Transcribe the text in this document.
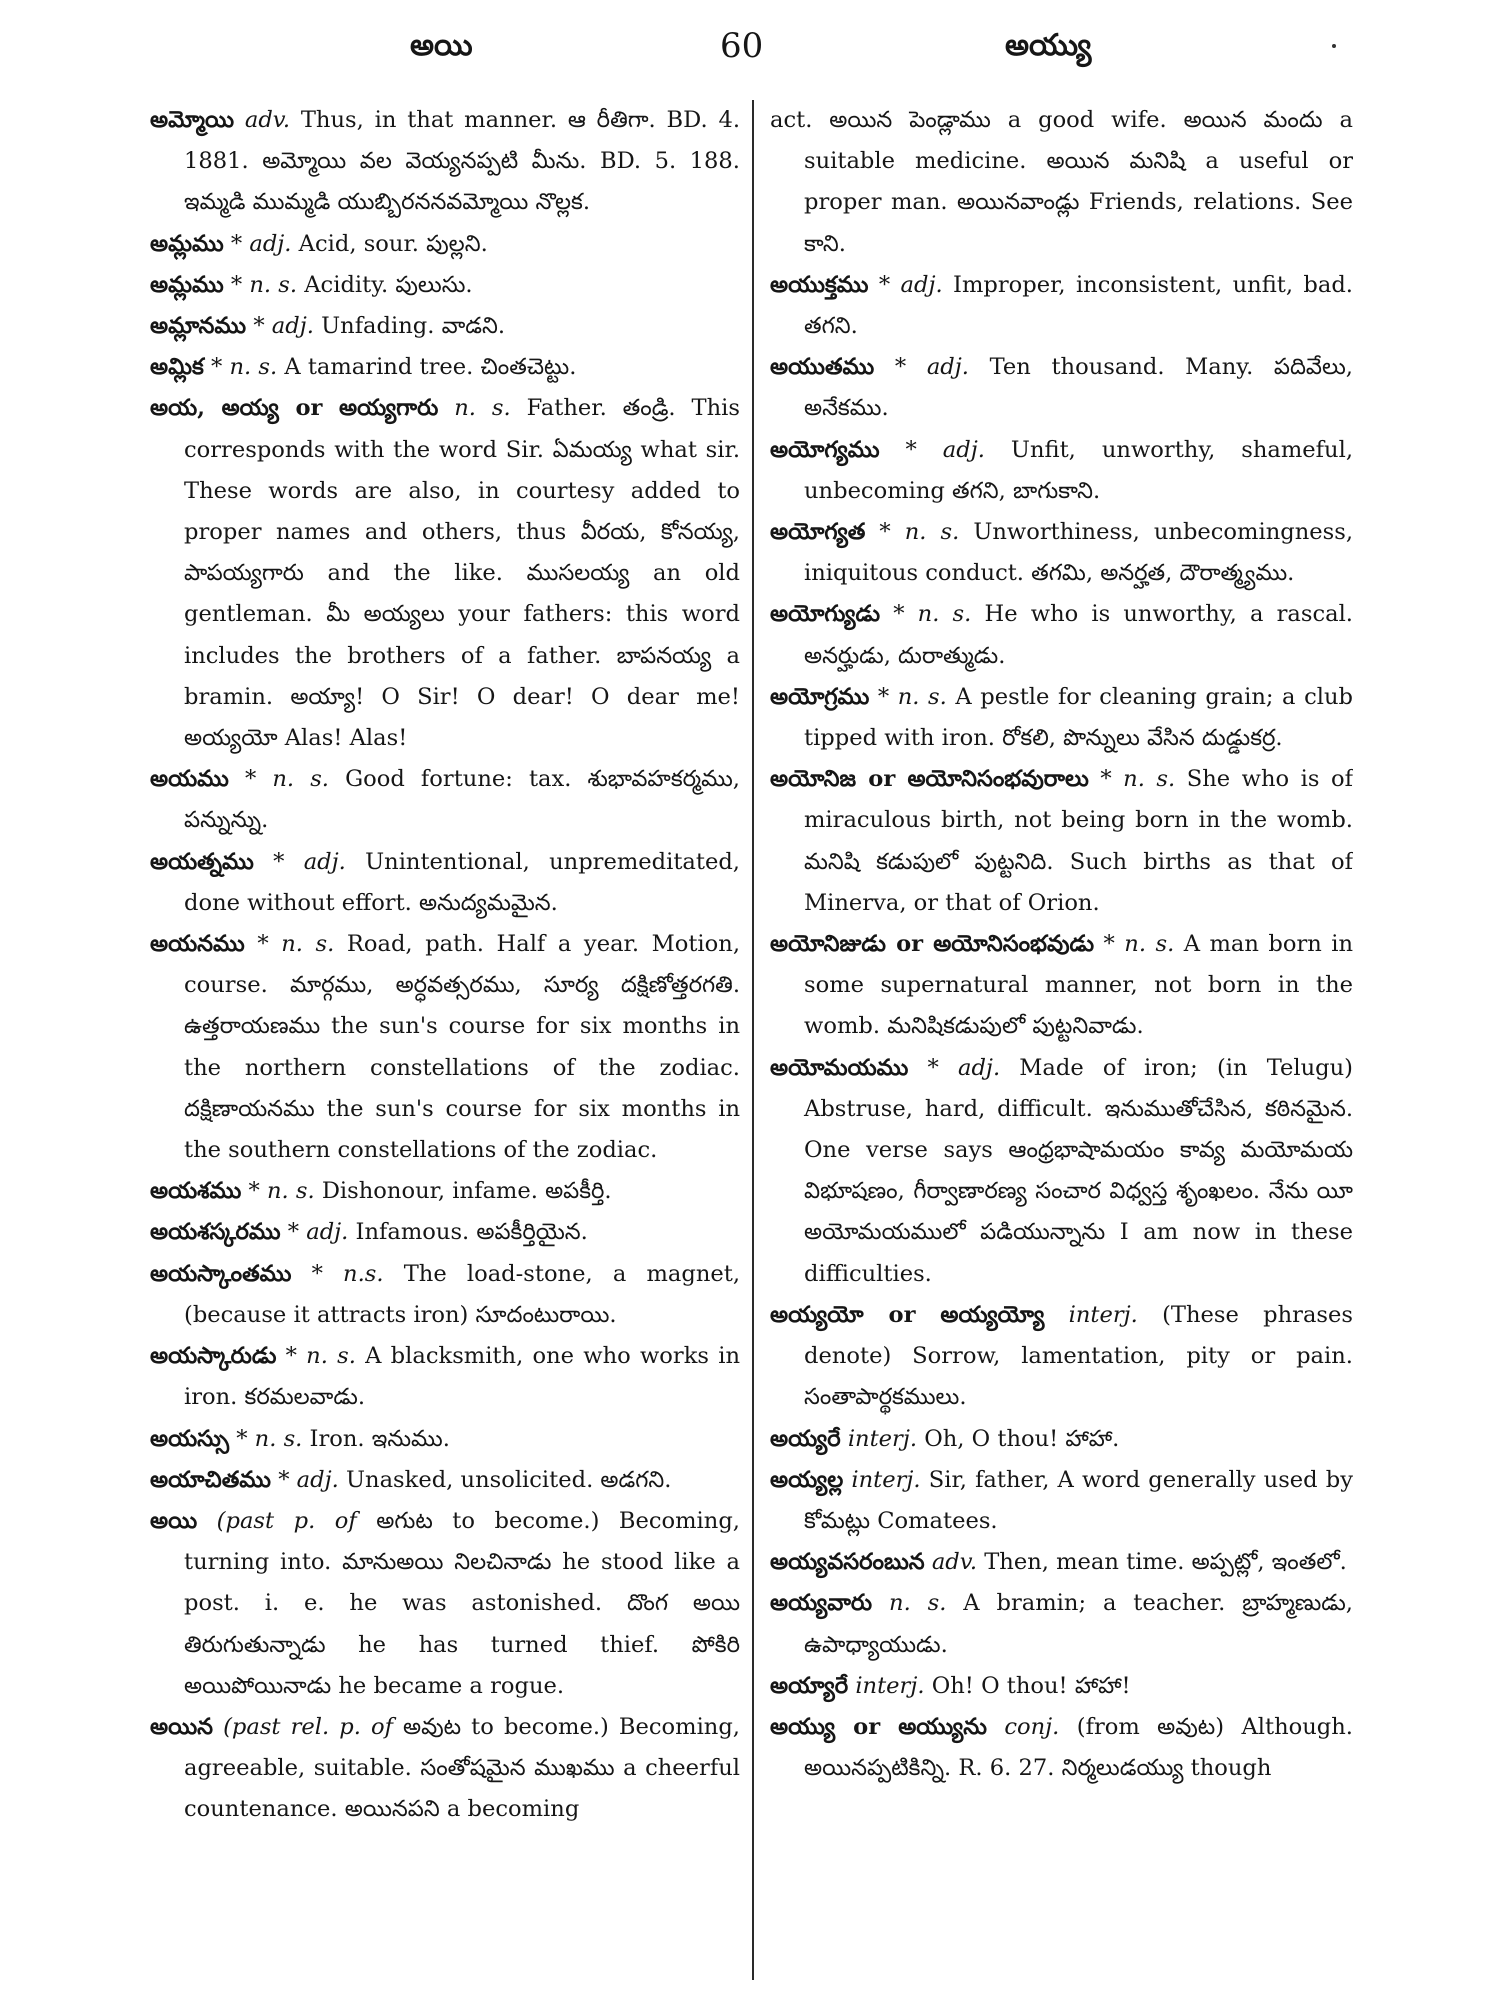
అయి	60	అయ్యు

అమ్మోయి adv. Thus, in that manner. ఆ రీతిగా. BD. 4. 1881. అమ్మోయి వల వెయ్యనప్పటి మీను. BD. 5. 188. ఇమ్మడి ముమ్మడి యుబ్బిరననవమ్మోయి నొల్లక.

అమ్లము * adj. Acid, sour. పుల్లని.

అమ్లము * n. s. Acidity. పులుసు.

అమ్లానము * adj. Unfading. వాడని.

అమ్లిక * n. s. A tamarind tree. చింతచెట్టు.

అయ, అయ్య or అయ్యగారు n. s. Father. తండ్రి. This corresponds with the word Sir. ఏమయ్య what sir. These words are also, in courtesy added to proper names and others, thus వీరయ, కోనయ్య, పాపయ్యగారు and the like. ముసలయ్య an old gentleman. మీ అయ్యలు your fathers: this word includes the brothers of a father. బాపనయ్య a bramin. అయ్యా! O Sir! O dear! O dear me! అయ్యయో Alas! Alas!

అయము * n. s. Good fortune: tax. శుభావహకర్మము, పన్నున్ను.

అయత్నము * adj. Unintentional, unpremeditated, done without effort. అనుద్యమమైన.

అయనము * n. s. Road, path. Half a year. Motion, course. మార్గము, అర్ధవత్సరము, సూర్య దక్షిణోత్తరగతి. ఉత్తరాయణము the sun's course for six months in the northern constellations of the zodiac. దక్షిణాయనము the sun's course for six months in the southern constellations of the zodiac.

అయశము * n. s. Dishonour, infame. అపకీర్తి.

అయశస్కరము * adj. Infamous. అపకీర్తియైన.

అయస్కాంతము * n.s. The load-stone, a magnet, (because it attracts iron) సూదంటురాయి.

అయస్కారుడు * n. s. A blacksmith, one who works in iron. కరమలవాడు.

అయస్సు * n. s. Iron. ఇనుము.

అయాచితము * adj. Unasked, unsolicited. అడగని.

అయి (past p. of అగుట to become.) Becoming, turning into. మానుఅయి నిలచినాడు he stood like a post. i. e. he was astonished. దొంగ అయి తిరుగుతున్నాడు he has turned thief. పోకిరి అయిపోయినాడు he became a rogue.

అయిన (past rel. p. of అవుట to become.) Becoming, agreeable, suitable. సంతోషమైన ముఖము a cheerful countenance. అయినపని a becoming

act. అయిన పెండ్లాము a good wife. అయిన మందు a suitable medicine. అయిన మనిషి a useful or proper man. అయినవాండ్లు Friends, relations. See కాని.

అయుక్తము * adj. Improper, inconsistent, unfit, bad. తగని.

అయుతము * adj. Ten thousand. Many. పదివేలు, అనేకము.

అయోగ్యము * adj. Unfit, unworthy, shameful, unbecoming తగని, బాగుకాని.

అయోగ్యత * n. s. Unworthiness, unbecomingness, iniquitous conduct. తగమి, అనర్హత, దౌరాత్మ్యము.

అయోగ్యుడు * n. s. He who is unworthy, a rascal. అనర్హుడు, దురాత్ముడు.

అయోగ్రము * n. s. A pestle for cleaning grain; a club tipped with iron. రోకలి, పొన్నులు వేసిన దుడ్డుకర్ర.

అయోనిజ or అయోనిసంభవురాలు * n. s. She who is of miraculous birth, not being born in the womb. మనిషి కడుపులో పుట్టనిది. Such births as that of Minerva, or that of Orion.

అయోనిజుడు or అయోనిసంభవుడు * n. s. A man born in some supernatural manner, not born in the womb. మనిషికడుపులో పుట్టనివాడు.

అయోమయము * adj. Made of iron; (in Telugu) Abstruse, hard, difficult. ఇనుముతోచేసిన, కఠినమైన. One verse says ఆంధ్రభాషామయం కావ్య మయోమయ విభూషణం, గీర్వాణారణ్య సంచార విధ్వస్త శృంఖలం. నేను యీ అయోమయములో పడియున్నాను I am now in these difficulties.

అయ్యయో or అయ్యయ్యో interj. (These phrases denote) Sorrow, lamentation, pity or pain. సంతాపార్థకములు.

అయ్యరే interj. Oh, O thou! హాహా.

అయ్యల్ల interj. Sir, father, A word generally used by కోమట్లు Comatees.

అయ్యవసరంబున adv. Then, mean time. అప్పట్లో, ఇంతలో.

అయ్యవారు n. s. A bramin; a teacher. బ్రాహ్మణుడు, ఉపాధ్యాయుడు.

అయ్యారే interj. Oh! O thou! హాహా!

అయ్యు or అయ్యును conj. (from అవుట) Although. అయినప్పటికిన్ని. R. 6. 27. నిర్మలుడయ్యు though
